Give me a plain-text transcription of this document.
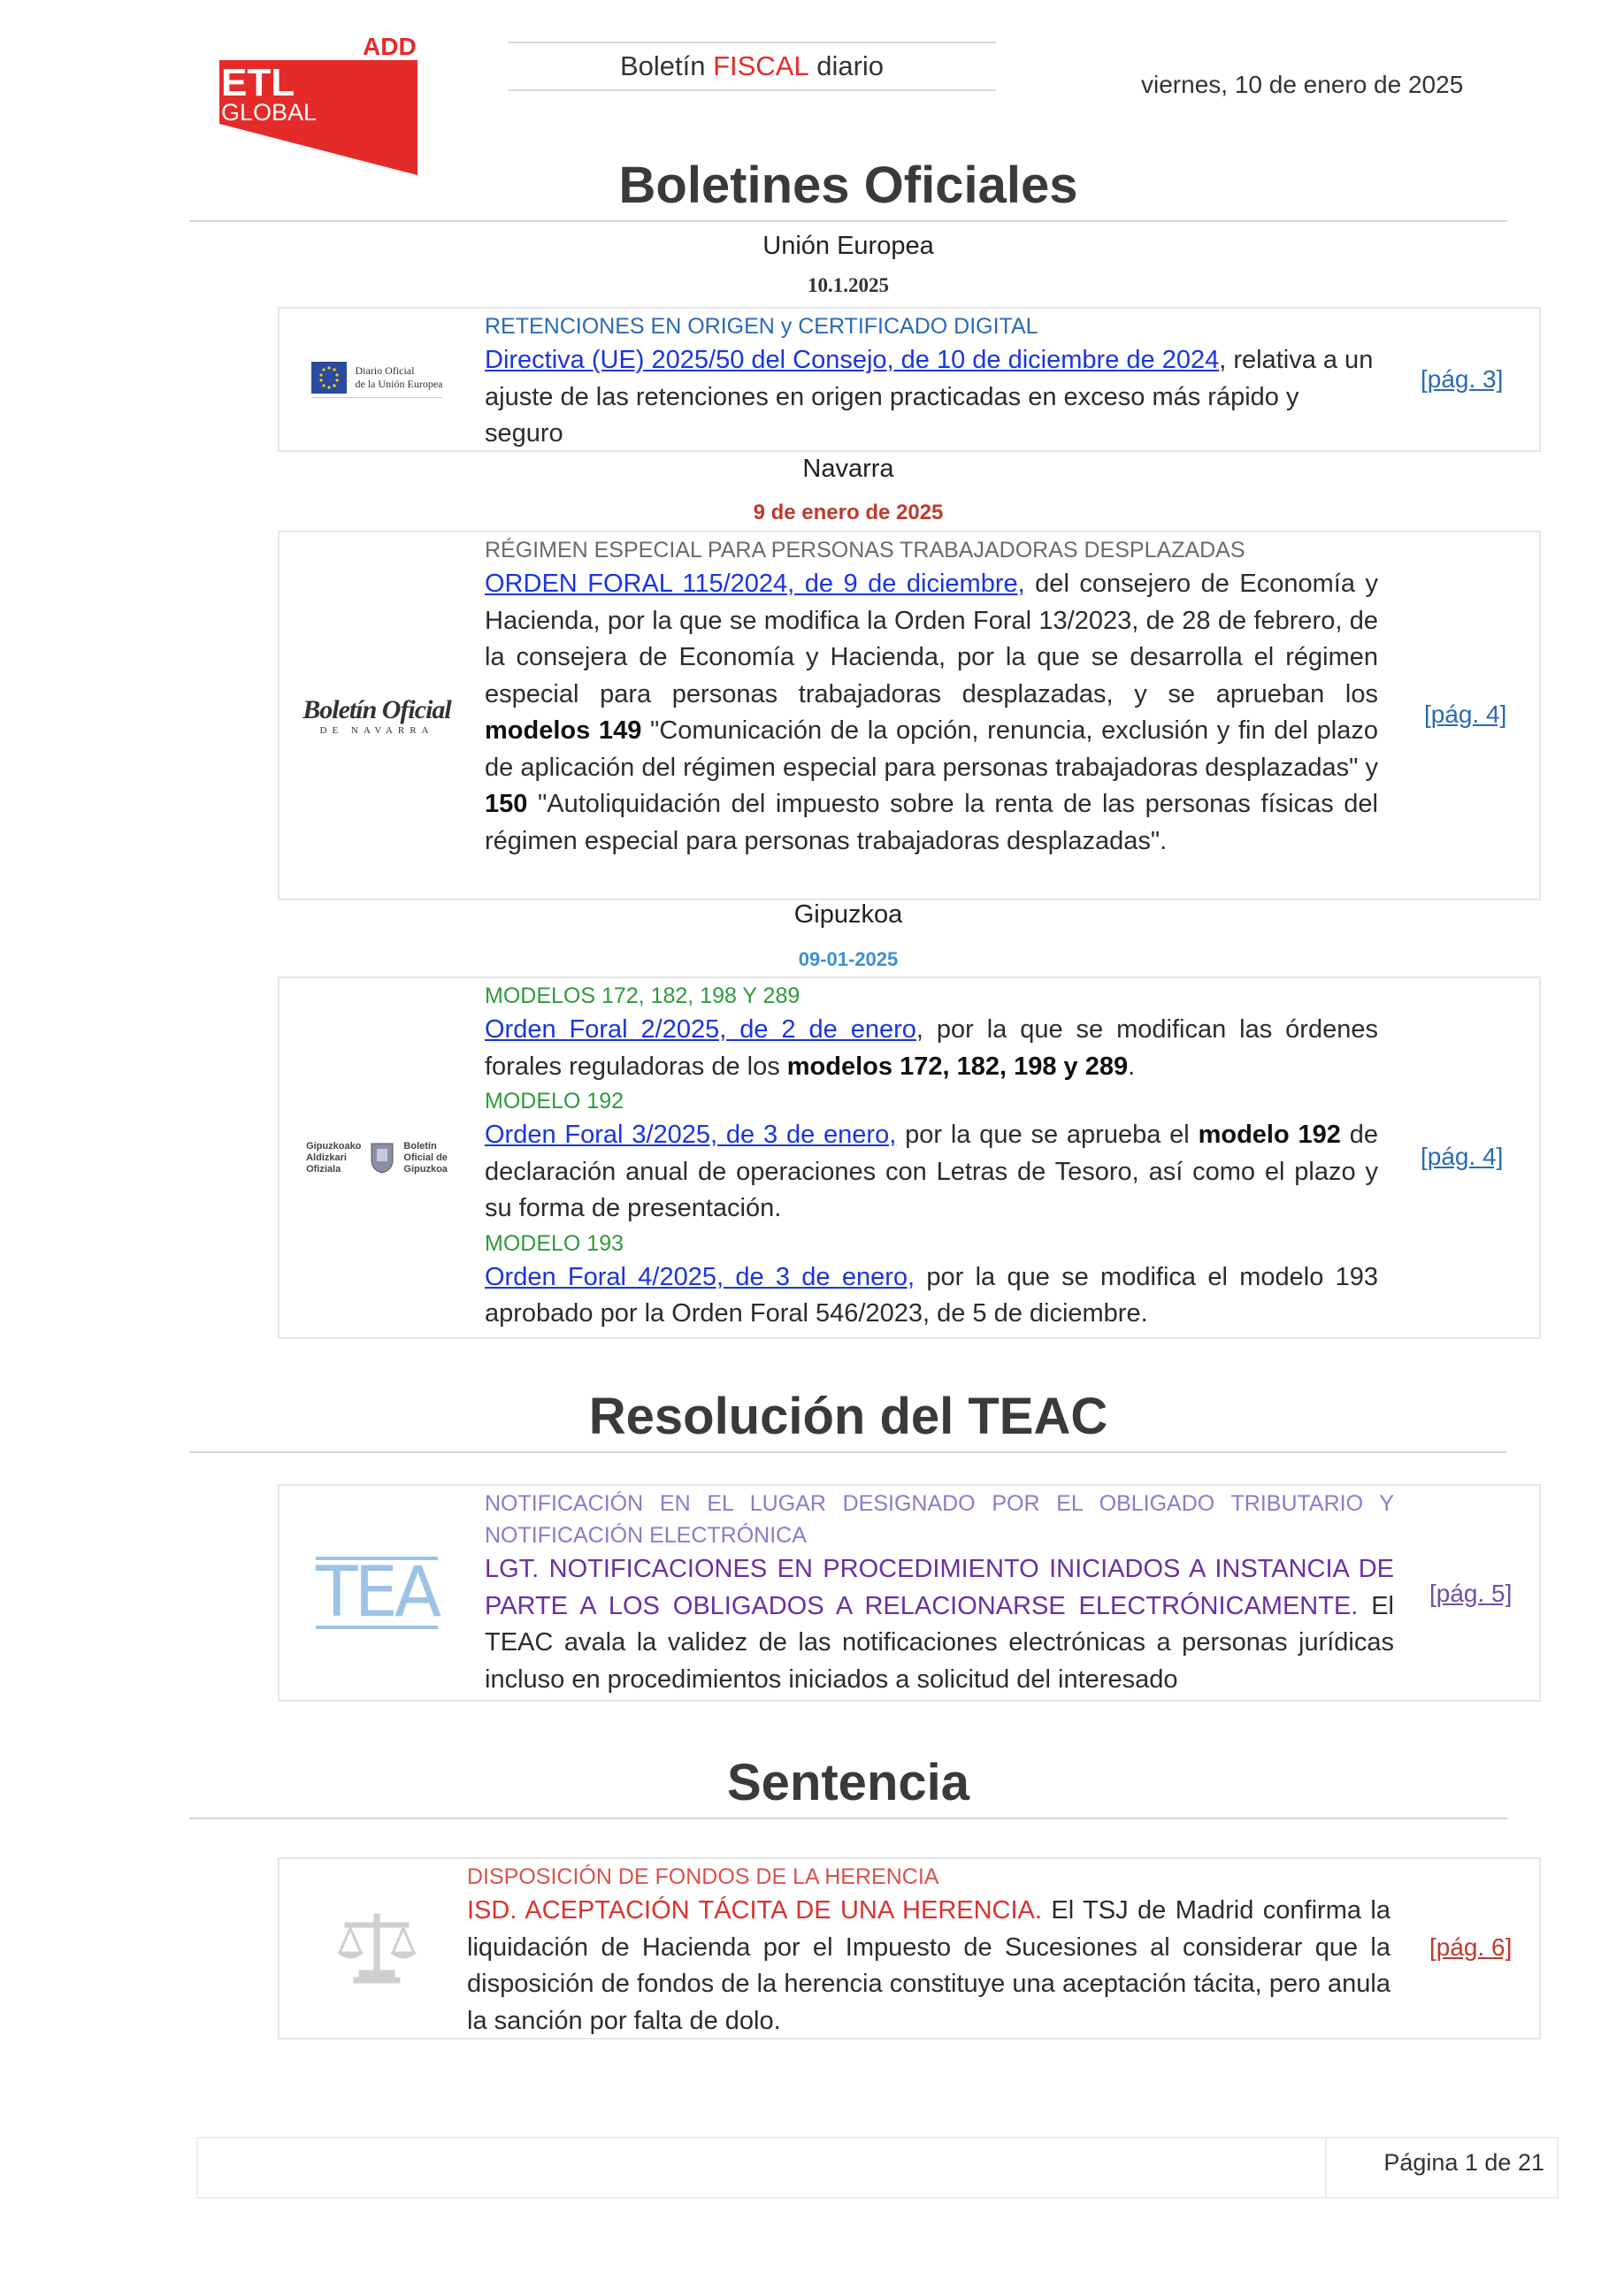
ADD
ETL
GLOBAL
Boletín FISCAL diario
viernes, 10 de enero de 2025
Boletines Oficiales
Unión Europea
10.1.2025
Diario Oficial
de la Unión Europea
RETENCIONES EN ORIGEN y CERTIFICADO DIGITAL
Directiva (UE) 2025/50 del Consejo, de 10 de diciembre de 2024, relativa a un ajuste de las retenciones en origen practicadas en exceso más rápido y seguro
[pág. 3]
Navarra
9 de enero de 2025
Boletín Oficial
DE NAVARRA
RÉGIMEN ESPECIAL PARA PERSONAS TRABAJADORAS DESPLAZADAS
ORDEN FORAL 115/2024, de 9 de diciembre, del consejero de Economía y Hacienda, por la que se modifica la Orden Foral 13/2023, de 28 de febrero, de la consejera de Economía y Hacienda, por la que se desarrolla el régimen especial para personas trabajadoras desplazadas, y se aprueban los modelos 149 "Comunicación de la opción, renuncia, exclusión y fin del plazo de aplicación del régimen especial para personas trabajadoras desplazadas" y 150 "Autoliquidación del impuesto sobre la renta de las personas físicas del régimen especial para personas trabajadoras desplazadas".
[pág. 4]
Gipuzkoa
09-01-2025
Gipuzkoako
Aldizkari
Ofiziala
Boletín
Oficial de
Gipuzkoa
MODELOS 172, 182, 198 Y 289
Orden Foral 2/2025, de 2 de enero, por la que se modifican las órdenes forales reguladoras de los modelos 172, 182, 198 y 289.
MODELO 192
Orden Foral 3/2025, de 3 de enero, por la que se aprueba el modelo 192 de declaración anual de operaciones con Letras de Tesoro, así como el plazo y su forma de presentación.
MODELO 193
Orden Foral 4/2025, de 3 de enero, por la que se modifica el modelo 193 aprobado por la Orden Foral 546/2023, de 5 de diciembre.
[pág. 4]
Resolución del TEAC
TEA
NOTIFICACIÓN EN EL LUGAR DESIGNADO POR EL OBLIGADO TRIBUTARIO Y NOTIFICACIÓN ELECTRÓNICA
LGT. NOTIFICACIONES EN PROCEDIMIENTO INICIADOS A INSTANCIA DE PARTE A LOS OBLIGADOS A RELACIONARSE ELECTRÓNICAMENTE. El TEAC avala la validez de las notificaciones electrónicas a personas jurídicas incluso en procedimientos iniciados a solicitud del interesado
[pág. 5]
Sentencia
DISPOSICIÓN DE FONDOS DE LA HERENCIA
ISD. ACEPTACIÓN TÁCITA DE UNA HERENCIA. El TSJ de Madrid confirma la liquidación de Hacienda por el Impuesto de Sucesiones al considerar que la disposición de fondos de la herencia constituye una aceptación tácita, pero anula la sanción por falta de dolo.
[pág. 6]
Página 1 de 21
